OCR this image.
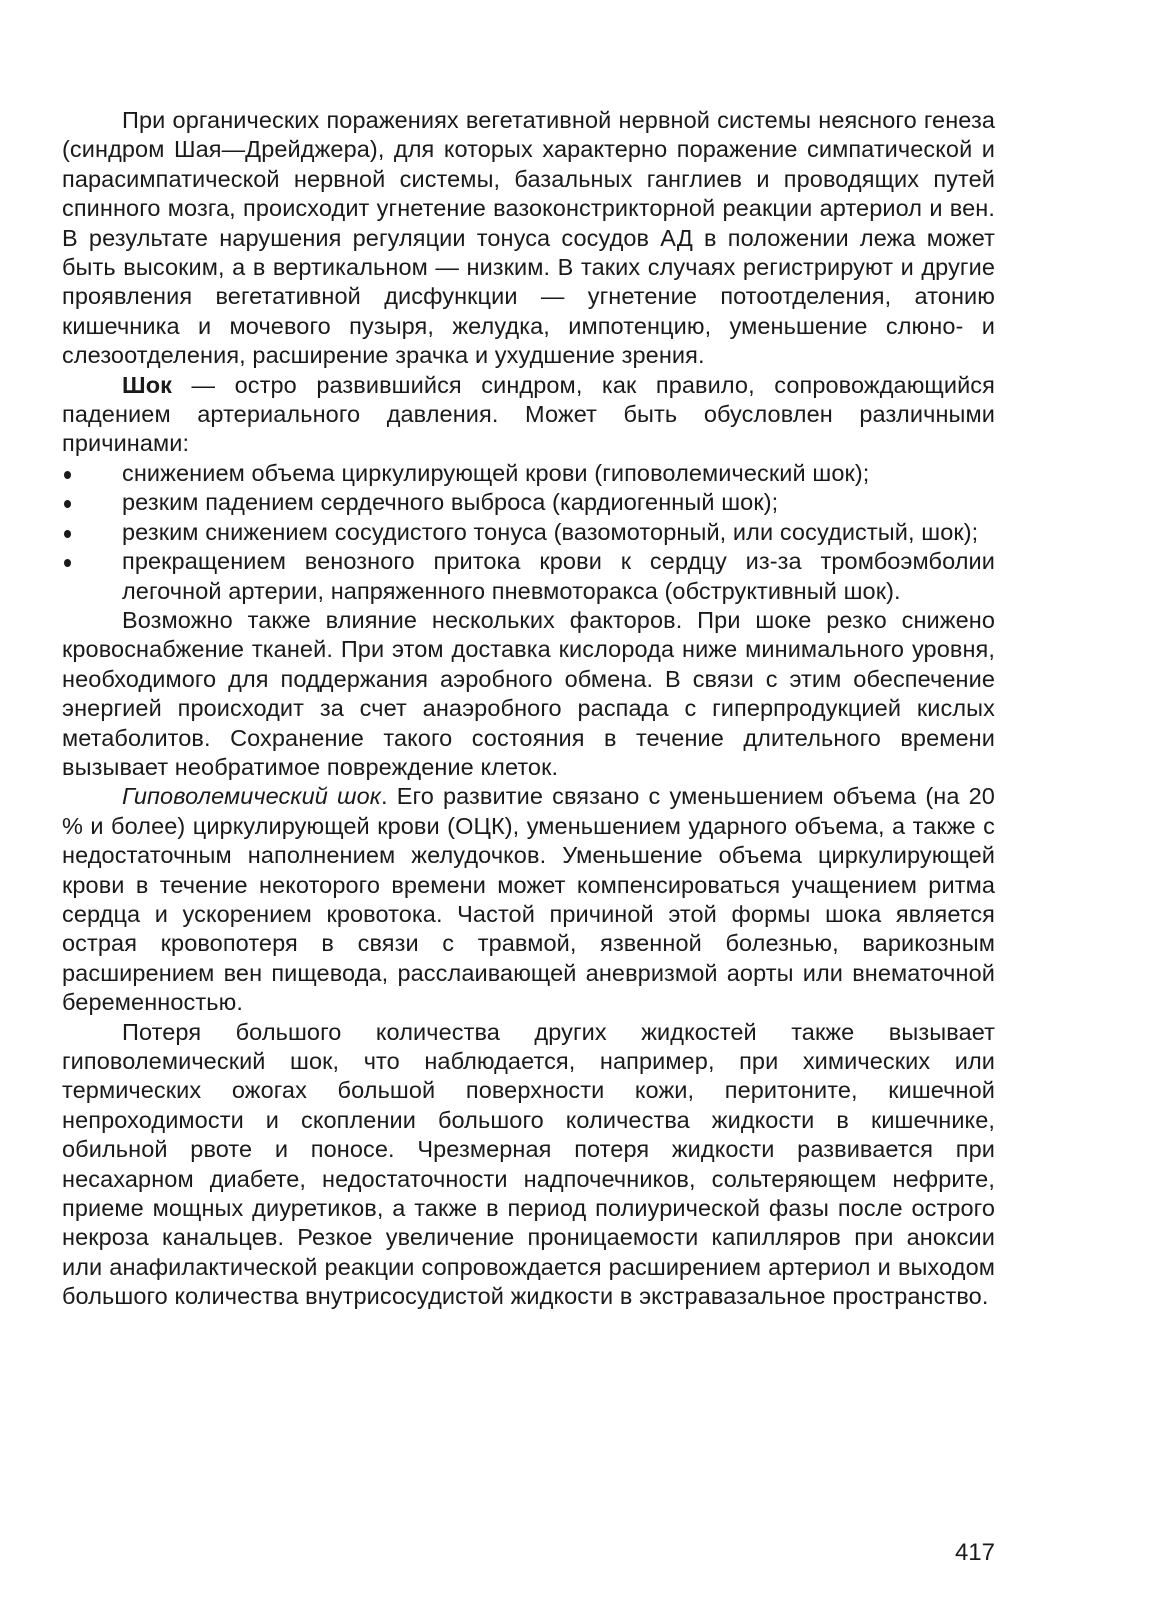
При органических поражениях вегетативной нервной системы неясного генеза (синдром Шая—Дрейджера), для которых характерно поражение симпатической и парасимпатической нервной системы, базальных ганглиев и проводящих путей спинного мозга, происходит угнетение вазоконстрикторной реакции артериол и вен. В результате нарушения регуляции тонуса сосудов АД в положении лежа может быть высоким, а в вертикальном — низким. В таких случаях регистрируют и другие проявления вегетативной дисфункции — угнетение потоотделения, атонию кишечника и мочевого пузыря, желудка, импотенцию, уменьшение слюно- и слезоотделения, расширение зрачка и ухудшение зрения.

Шок — остро развившийся синдром, как правило, сопровождающийся падением артериального давления. Может быть обусловлен различными причинами:

снижением объема циркулирующей крови (гиповолемический шок);
резким падением сердечного выброса (кардиогенный шок);
резким снижением сосудистого тонуса (вазомоторный, или сосудистый, шок);
прекращением венозного притока крови к сердцу из-за тромбоэмболии легочной артерии, напряженного пневмоторакса (обструктивный шок).

Возможно также влияние нескольких факторов. При шоке резко снижено кровоснабжение тканей. При этом доставка кислорода ниже минимального уровня, необходимого для поддержания аэробного обмена. В связи с этим обеспечение энергией происходит за счет анаэробного распада с гиперпродукцией кислых метаболитов. Сохранение такого состояния в течение длительного времени вызывает необратимое повреждение клеток.

Гиповолемический шок. Его развитие связано с уменьшением объема (на 20 % и более) циркулирующей крови (ОЦК), уменьшением ударного объема, а также с недостаточным наполнением желудочков. Уменьшение объема циркулирующей крови в течение некоторого времени может компенсироваться учащением ритма сердца и ускорением кровотока. Частой причиной этой формы шока является острая кровопотеря в связи с травмой, язвенной болезнью, варикозным расширением вен пищевода, расслаивающей аневризмой аорты или внематочной беременностью.

Потеря большого количества других жидкостей также вызывает гиповолемический шок, что наблюдается, например, при химических или термических ожогах большой поверхности кожи, перитоните, кишечной непроходимости и скоплении большого количества жидкости в кишечнике, обильной рвоте и поносе. Чрезмерная потеря жидкости развивается при несахарном диабете, недостаточности надпочечников, сольтеряющем нефрите, приеме мощных диуретиков, а также в период полиурической фазы после острого некроза канальцев. Резкое увеличение проницаемости капилляров при аноксии или анафилактической реакции сопровождается расширением артериол и выходом большого количества внутрисосудистой жидкости в экстравазальное пространство.

417
